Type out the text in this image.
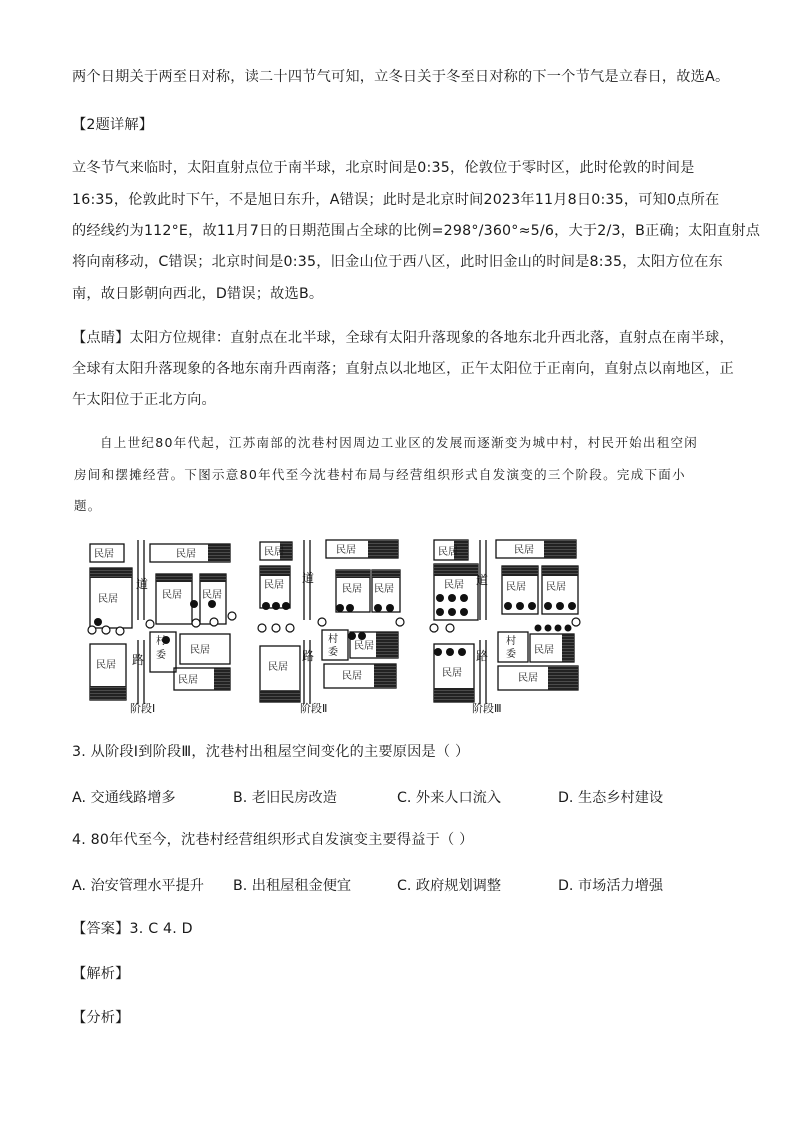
两个日期关于两至日对称，读二十四节气可知，立冬日关于冬至日对称的下一个节气是立春日，故选A。
【2题详解】
立冬节气来临时，太阳直射点位于南半球，北京时间是0:35，伦敦位于零时区，此时伦敦的时间是
16:35，伦敦此时下午，不是旭日东升，A错误；此时是北京时间2023年11月8日0:35，可知0点所在
的经线约为112°E，故11月7日的日期范围占全球的比例=298°/360°≈5/6，大于2/3，B正确；太阳直射点
将向南移动，C错误；北京时间是0:35，旧金山位于西八区，此时旧金山的时间是8:35，太阳方位在东
南，故日影朝向西北，D错误；故选B。
【点睛】太阳方位规律：直射点在北半球，全球有太阳升落现象的各地东北升西北落，直射点在南半球，
全球有太阳升落现象的各地东南升西南落；直射点以北地区，正午太阳位于正南向，直射点以南地区，正
午太阳位于正北方向。
自上世纪80年代起，江苏南部的沈巷村因周边工业区的发展而逐渐变为城中村，村民开始出租空闲
房间和摆摊经营。下图示意80年代至今沈巷村布局与经营组织形式自发演变的三个阶段。完成下面小
题。
民居	民居
民居	民居 民居
民居
民居
民居
民居	民居
民居	民居 民居
民居
民居
民居
民居	民居
民居	民居 民居
民居
民居
民居
道
路
道
路
道
路
村
委
村
委
村
委
阶段Ⅰ	阶段Ⅱ	阶段Ⅲ
3. 从阶段Ⅰ到阶段Ⅲ，沈巷村出租屋空间变化的主要原因是（ ）
A. 交通线路增多	B. 老旧民房改造	C. 外来人口流入	D. 生态乡村建设
4. 80年代至今，沈巷村经营组织形式自发演变主要得益于（ ）
A. 治安管理水平提升 B. 出租屋租金便宜	C. 政府规划调整	D. 市场活力增强
【答案】3. C 4. D
【解析】
【分析】
